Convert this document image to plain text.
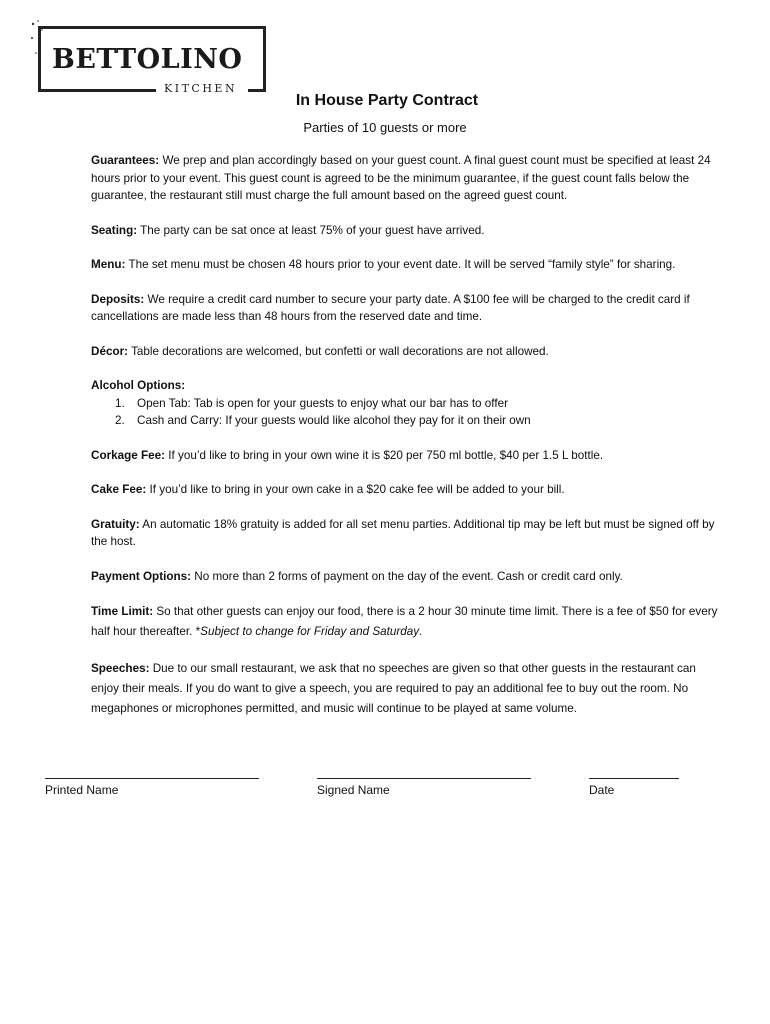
BETTOLINO
KITCHEN
In House Party Contract
Parties of 10 guests or more

Guarantees: We prep and plan accordingly based on your guest count. A final guest count must be specified at least 24 hours prior to your event. This guest count is agreed to be the minimum guarantee, if the guest count falls below the guarantee, the restaurant still must charge the full amount based on the agreed guest count.

Seating: The party can be sat once at least 75% of your guest have arrived.

Menu: The set menu must be chosen 48 hours prior to your event date. It will be served “family style” for sharing.

Deposits: We require a credit card number to secure your party date. A $100 fee will be charged to the credit card if cancellations are made less than 48 hours from the reserved date and time.

Décor: Table decorations are welcomed, but confetti or wall decorations are not allowed.

Alcohol Options:
1. Open Tab: Tab is open for your guests to enjoy what our bar has to offer
2. Cash and Carry: If your guests would like alcohol they pay for it on their own

Corkage Fee: If you’d like to bring in your own wine it is $20 per 750 ml bottle, $40 per 1.5 L bottle.

Cake Fee: If you’d like to bring in your own cake in a $20 cake fee will be added to your bill.

Gratuity: An automatic 18% gratuity is added for all set menu parties. Additional tip may be left but must be signed off by the host.

Payment Options: No more than 2 forms of payment on the day of the event. Cash or credit card only.

Time Limit: So that other guests can enjoy our food, there is a 2 hour 30 minute time limit. There is a fee of $50 for every half hour thereafter. *Subject to change for Friday and Saturday.

Speeches: Due to our small restaurant, we ask that no speeches are given so that other guests in the restaurant can enjoy their meals. If you do want to give a speech, you are required to pay an additional fee to buy out the room. No megaphones or microphones permitted, and music will continue to be played at same volume.

Printed Name	Signed Name	Date
